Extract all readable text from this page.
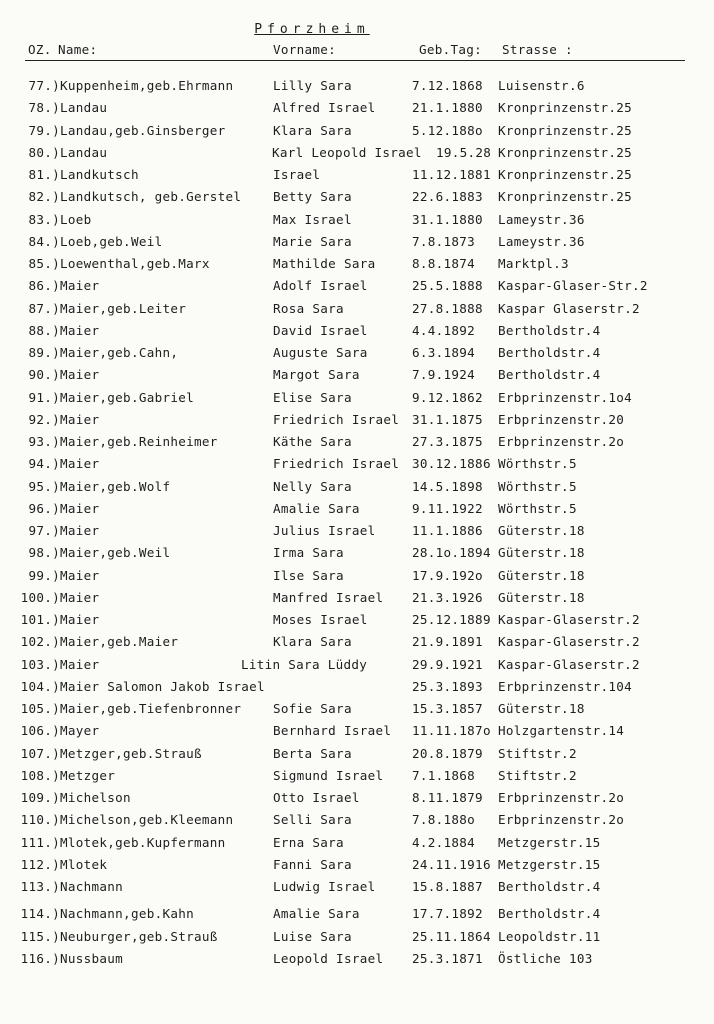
Pforzheim
OZ. Name:	Vorname:	Geb.Tag: Strasse :
77.) Kuppenheim,geb.Ehrmann	Lilly Sara	7.12.1868 Luisenstr.6
78.) Landau	Alfred Israel	21.1.1880 Kronprinzenstr.25
79.) Landau,geb.Ginsberger	Klara Sara	5.12.188o Kronprinzenstr.25
80.) Landau	Karl Leopold Israel 19.5.28 Kronprinzenstr.25
81.) Landkutsch	Israel	11.12.1881 Kronprinzenstr.25
82.) Landkutsch, geb.Gerstel	Betty Sara	22.6.1883 Kronprinzenstr.25
83.) Loeb	Max Israel	31.1.1880 Lameystr.36
84.) Loeb,geb.Weil	Marie Sara	7.8.1873 Lameystr.36
85.) Loewenthal,geb.Marx	Mathilde Sara	8.8.1874 Marktpl.3
86.) Maier	Adolf Israel	25.5.1888 Kaspar-Glaser-Str.2
87.) Maier,geb.Leiter	Rosa Sara	27.8.1888 Kaspar Glaserstr.2
88.) Maier	David Israel	4.4.1892 Bertholdstr.4
89.) Maier,geb.Cahn,	Auguste Sara	6.3.1894 Bertholdstr.4
90.) Maier	Margot Sara	7.9.1924 Bertholdstr.4
91.) Maier,geb.Gabriel	Elise Sara	9.12.1862 Erbprinzenstr.1o4
92.) Maier	Friedrich Israel 31.1.1875 Erbprinzenstr.20
93.) Maier,geb.Reinheimer	Käthe Sara	27.3.1875 Erbprinzenstr.2o
94.) Maier	Friedrich Israel 30.12.1886 Wörthstr.5
95.) Maier,geb.Wolf	Nelly Sara	14.5.1898 Wörthstr.5
96.) Maier	Amalie Sara	9.11.1922 Wörthstr.5
97.) Maier	Julius Israel	11.1.1886 Güterstr.18
98.) Maier,geb.Weil	Irma Sara	28.1o.1894 Güterstr.18
99.) Maier	Ilse Sara	17.9.192o Güterstr.18
100.) Maier	Manfred Israel 21.3.1926 Güterstr.18
101.) Maier	Moses Israel	25.12.1889 Kaspar-Glaserstr.2
102.) Maier,geb.Maier	Klara Sara	21.9.1891 Kaspar-Glaserstr.2
103.) Maier	Litin Sara Lüddy	29.9.1921 Kaspar-Glaserstr.2
104.) Maier Salomon Jakob Israel	25.3.1893 Erbprinzenstr.104
105.) Maier,geb.Tiefenbronner	Sofie Sara	15.3.1857 Güterstr.18
106.) Mayer	Bernhard Israel 11.11.187o Holzgartenstr.14
107.) Metzger,geb.Strauß	Berta Sara	20.8.1879 Stiftstr.2
108.) Metzger	Sigmund Israel 7.1.1868 Stiftstr.2
109.) Michelson	Otto Israel	8.11.1879 Erbprinzenstr.2o
110.) Michelson,geb.Kleemann	Selli Sara	7.8.188o Erbprinzenstr.2o
111.) Mlotek,geb.Kupfermann	Erna Sara	4.2.1884 Metzgerstr.15
112.) Mlotek	Fanni Sara	24.11.1916 Metzgerstr.15
113.) Nachmann	Ludwig Israel	15.8.1887 Bertholdstr.4
114.) Nachmann,geb.Kahn	Amalie Sara	17.7.1892 Bertholdstr.4
115.) Neuburger,geb.Strauß	Luise Sara	25.11.1864 Leopoldstr.11
116.) Nussbaum	Leopold Israel 25.3.1871 Östliche 103
